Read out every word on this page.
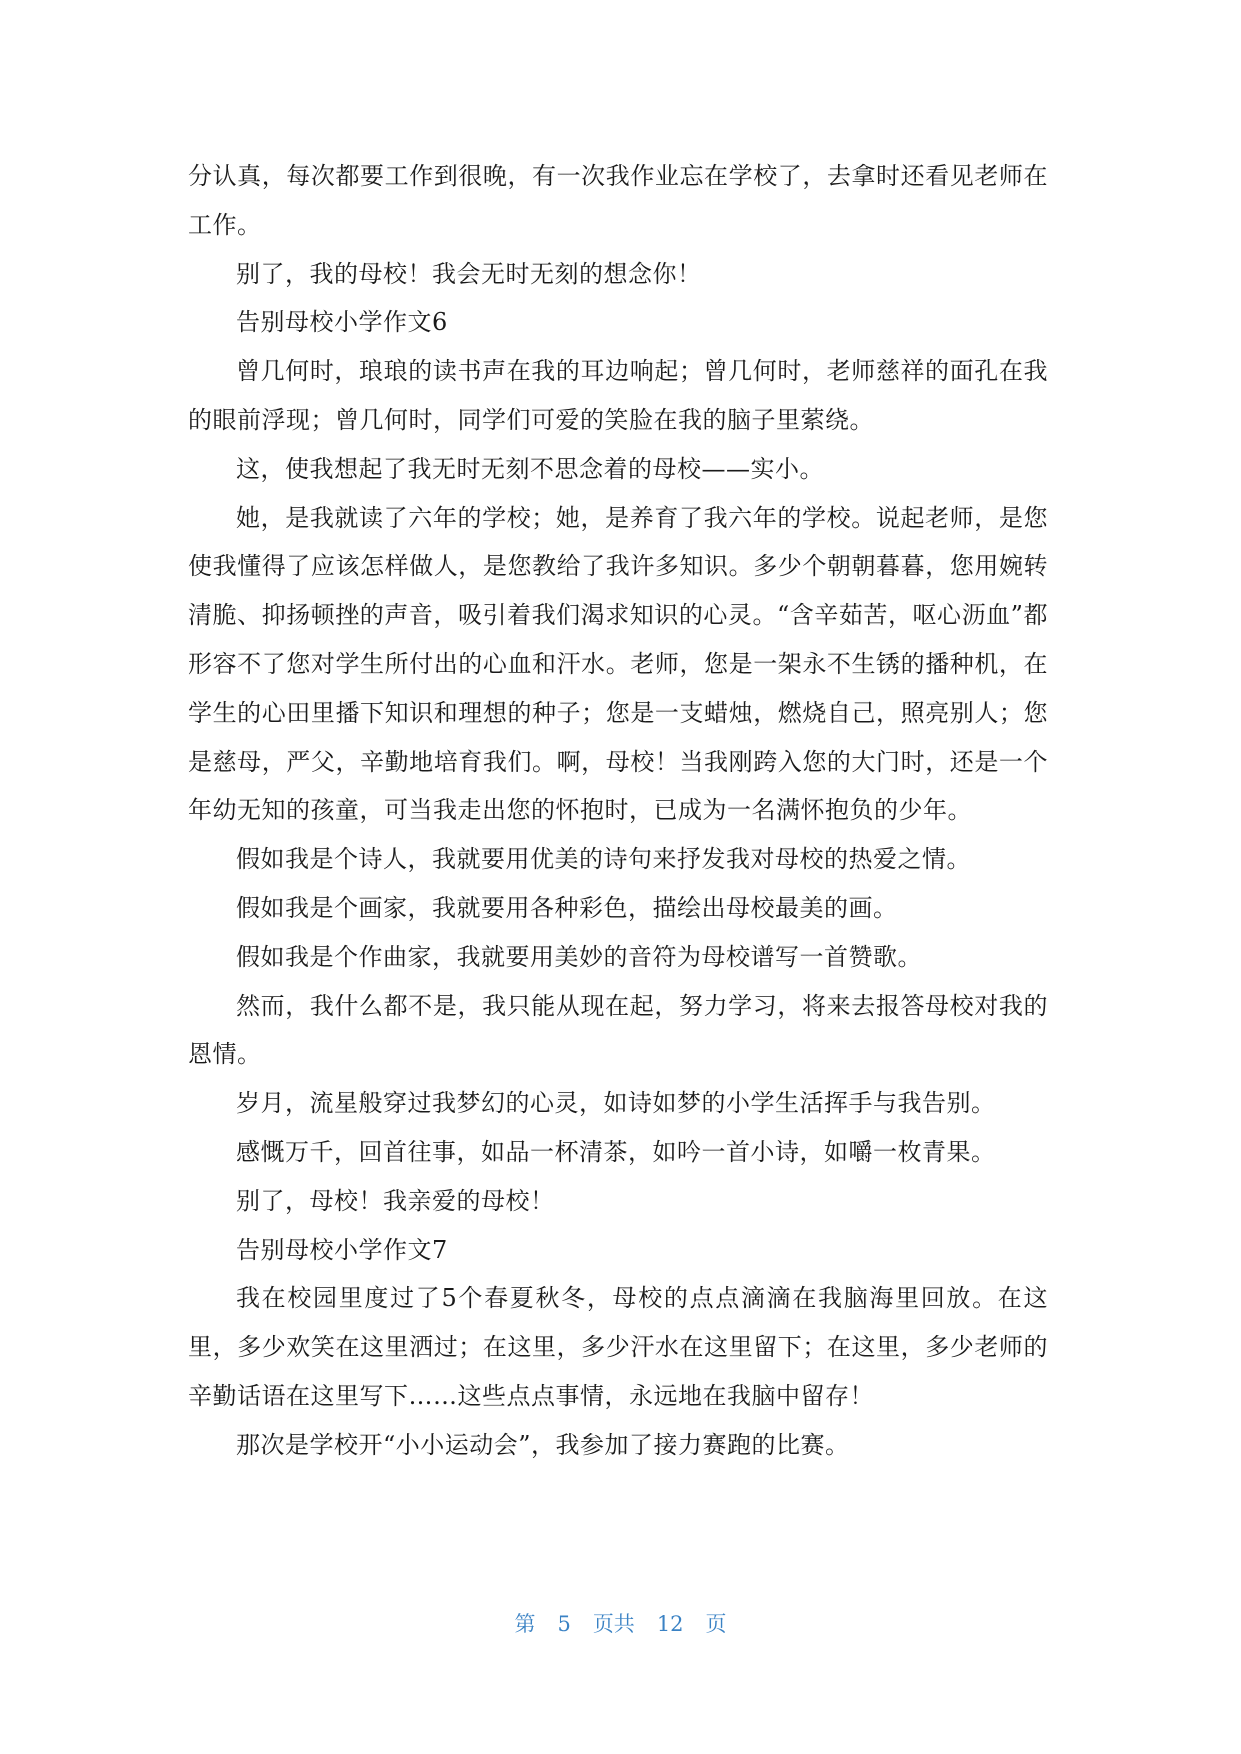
分认真，每次都要工作到很晚，有一次我作业忘在学校了，去拿时还看见老师在工作。

别了，我的母校！我会无时无刻的想念你！

告别母校小学作文6

曾几何时，琅琅的读书声在我的耳边响起；曾几何时，老师慈祥的面孔在我的眼前浮现；曾几何时，同学们可爱的笑脸在我的脑子里萦绕。

这，使我想起了我无时无刻不思念着的母校——实小。

她，是我就读了六年的学校；她，是养育了我六年的学校。说起老师，是您使我懂得了应该怎样做人，是您教给了我许多知识。多少个朝朝暮暮，您用婉转清脆、抑扬顿挫的声音，吸引着我们渴求知识的心灵。“含辛茹苦，呕心沥血”都形容不了您对学生所付出的心血和汗水。老师，您是一架永不生锈的播种机，在学生的心田里播下知识和理想的种子；您是一支蜡烛，燃烧自己，照亮别人；您是慈母，严父，辛勤地培育我们。啊，母校！当我刚跨入您的大门时，还是一个年幼无知的孩童，可当我走出您的怀抱时，已成为一名满怀抱负的少年。

假如我是个诗人，我就要用优美的诗句来抒发我对母校的热爱之情。

假如我是个画家，我就要用各种彩色，描绘出母校最美的画。

假如我是个作曲家，我就要用美妙的音符为母校谱写一首赞歌。

然而，我什么都不是，我只能从现在起，努力学习，将来去报答母校对我的恩情。

岁月，流星般穿过我梦幻的心灵，如诗如梦的小学生活挥手与我告别。

感慨万千，回首往事，如品一杯清茶，如吟一首小诗，如嚼一枚青果。

别了，母校！我亲爱的母校！

告别母校小学作文7

我在校园里度过了5个春夏秋冬，母校的点点滴滴在我脑海里回放。在这里，多少欢笑在这里洒过；在这里，多少汗水在这里留下；在这里，多少老师的辛勤话语在这里写下……这些点点事情，永远地在我脑中留存！

那次是学校开“小小运动会”，我参加了接力赛跑的比赛。

第 5 页共 12 页
